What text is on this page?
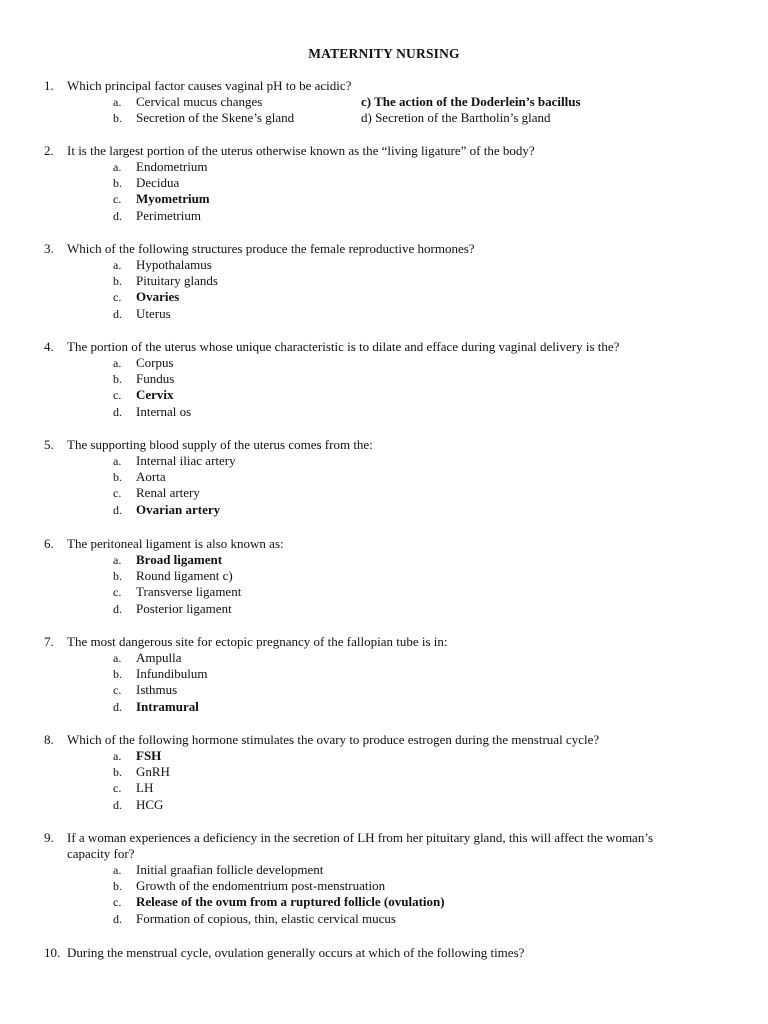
MATERNITY NURSING
1.	Which principal factor causes vaginal pH to be acidic?
a.	Cervical mucus changes	c) The action of the Doderlein’s bacillus
b.	Secretion of the Skene’s gland	d) Secretion of the Bartholin’s gland
2.	It is the largest portion of the uterus otherwise known as the “living ligature” of the body?
a.	Endometrium
b.	Decidua
c.	Myometrium
d.	Perimetrium
3.	Which of the following structures produce the female reproductive hormones?
a.	Hypothalamus
b.	Pituitary glands
c.	Ovaries
d.	Uterus
4.	The portion of the uterus whose unique characteristic is to dilate and efface during vaginal delivery is the?
a.	Corpus
b.	Fundus
c.	Cervix
d.	Internal os
5.	The supporting blood supply of the uterus comes from the:
a.	Internal iliac artery
b.	Aorta
c.	Renal artery
d.	Ovarian artery
6.	The peritoneal ligament is also known as:
a.	Broad ligament
b.	Round ligament c)
c.	Transverse ligament
d.	Posterior ligament
7.	The most dangerous site for ectopic pregnancy of the fallopian tube is in:
a.	Ampulla
b.	Infundibulum
c.	Isthmus
d.	Intramural
8.	Which of the following hormone stimulates the ovary to produce estrogen during the menstrual cycle?
a.	FSH
b.	GnRH
c.	LH
d.	HCG
9.	If a woman experiences a deficiency in the secretion of LH from her pituitary gland, this will affect the woman’s
capacity for?
a.	Initial graafian follicle development
b.	Growth of the endomentrium post-menstruation
c.	Release of the ovum from a ruptured follicle (ovulation)
d.	Formation of copious, thin, elastic cervical mucus
10. During the menstrual cycle, ovulation generally occurs at which of the following times?
